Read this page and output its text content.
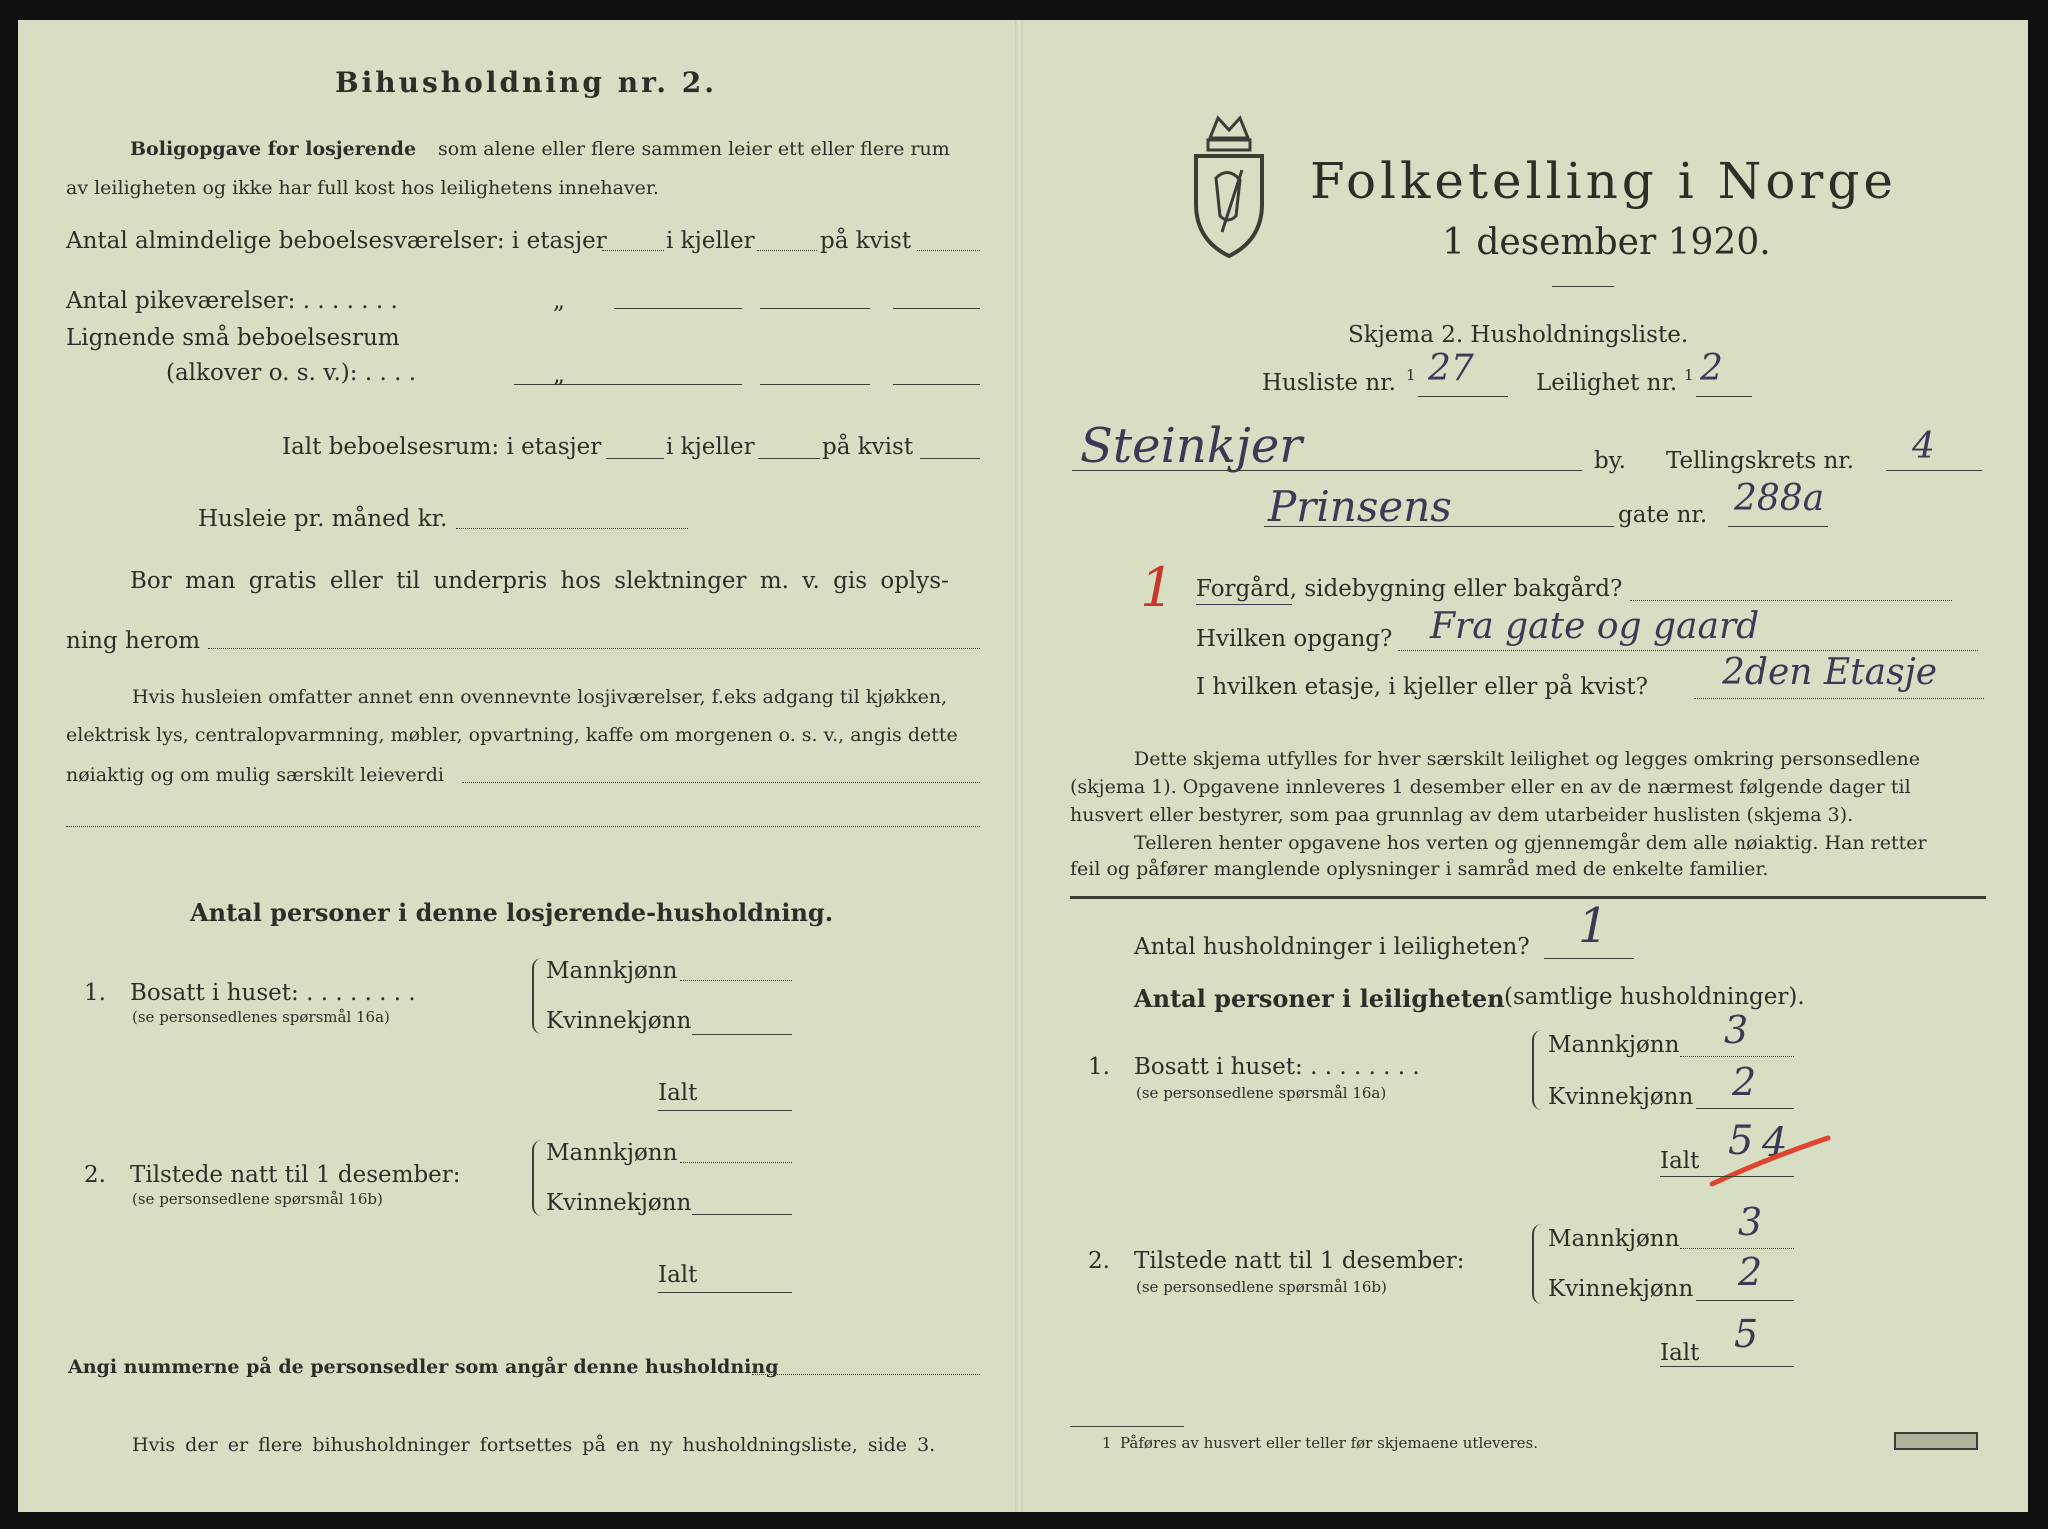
Bihusholdning nr. 2.
Boligopgave for losjerende som alene eller flere sammen leier ett eller flere rum
av leiligheten og ikke har full kost hos leilighetens innehaver.
Antal almindelige beboelsesværelser: i etasjer	i kjeller	på kvist
Antal pikeværelser: . . . . . . .	„
Lignende små beboelsesrum
(alkover o. s. v.): . . . .	„
Ialt beboelsesrum: i etasjer	i kjeller	på kvist
Husleie pr. måned kr.
Bor man gratis eller til underpris hos slektninger m. v. gis oplys-
ning herom
Hvis husleien omfatter annet enn ovennevnte losjiværelser, f.eks adgang til kjøkken,
elektrisk lys, centralopvarmning, møbler, opvartning, kaffe om morgenen o. s. v., angis dette
nøiaktig og om mulig særskilt leieverdi
Antal personer i denne losjerende-husholdning.
1. Bosatt i huset: . . . . . . . .
(se personsedlenes spørsmål 16a)
Mannkjønn
Kvinnekjønn
Ialt
2. Tilstede natt til 1 desember:
(se personsedlene spørsmål 16b)
Mannkjønn
Kvinnekjønn
Ialt
Angi nummerne på de personsedler som angår denne husholdning
Hvis der er flere bihusholdninger fortsettes på en ny husholdningsliste, side 3.
Folketelling i Norge
1 desember 1920.
Skjema 2. Husholdningsliste.
Husliste nr. 1 27	Leilighet nr. 1 2
Steinkjer	by. Tellingskrets nr. 4
Prinsens	gate nr. 288a
1 Forgård, sidebygning eller bakgård?
Hvilken opgang? Fra gate og gaard
I hvilken etasje, i kjeller eller på kvist? 2den Etasje
Dette skjema utfylles for hver særskilt leilighet og legges omkring personsedlene
(skjema 1). Opgavene innleveres 1 desember eller en av de nærmest følgende dager til
husvert eller bestyrer, som paa grunnlag av dem utarbeider huslisten (skjema 3).
Telleren henter opgavene hos verten og gjennemgår dem alle nøiaktig. Han retter
feil og påfører manglende oplysninger i samråd med de enkelte familier.
Antal husholdninger i leiligheten? 1
Antal personer i leiligheten (samtlige husholdninger).
1. Bosatt i huset: . . . . . . . .
(se personsedlene spørsmål 16a)
Mannkjønn 3
Kvinnekjønn 2
Ialt 5 4
2. Tilstede natt til 1 desember:
(se personsedlene spørsmål 16b)
Mannkjønn 3
Kvinnekjønn 2
Ialt 5
1 Påføres av husvert eller teller før skjemaene utleveres.
